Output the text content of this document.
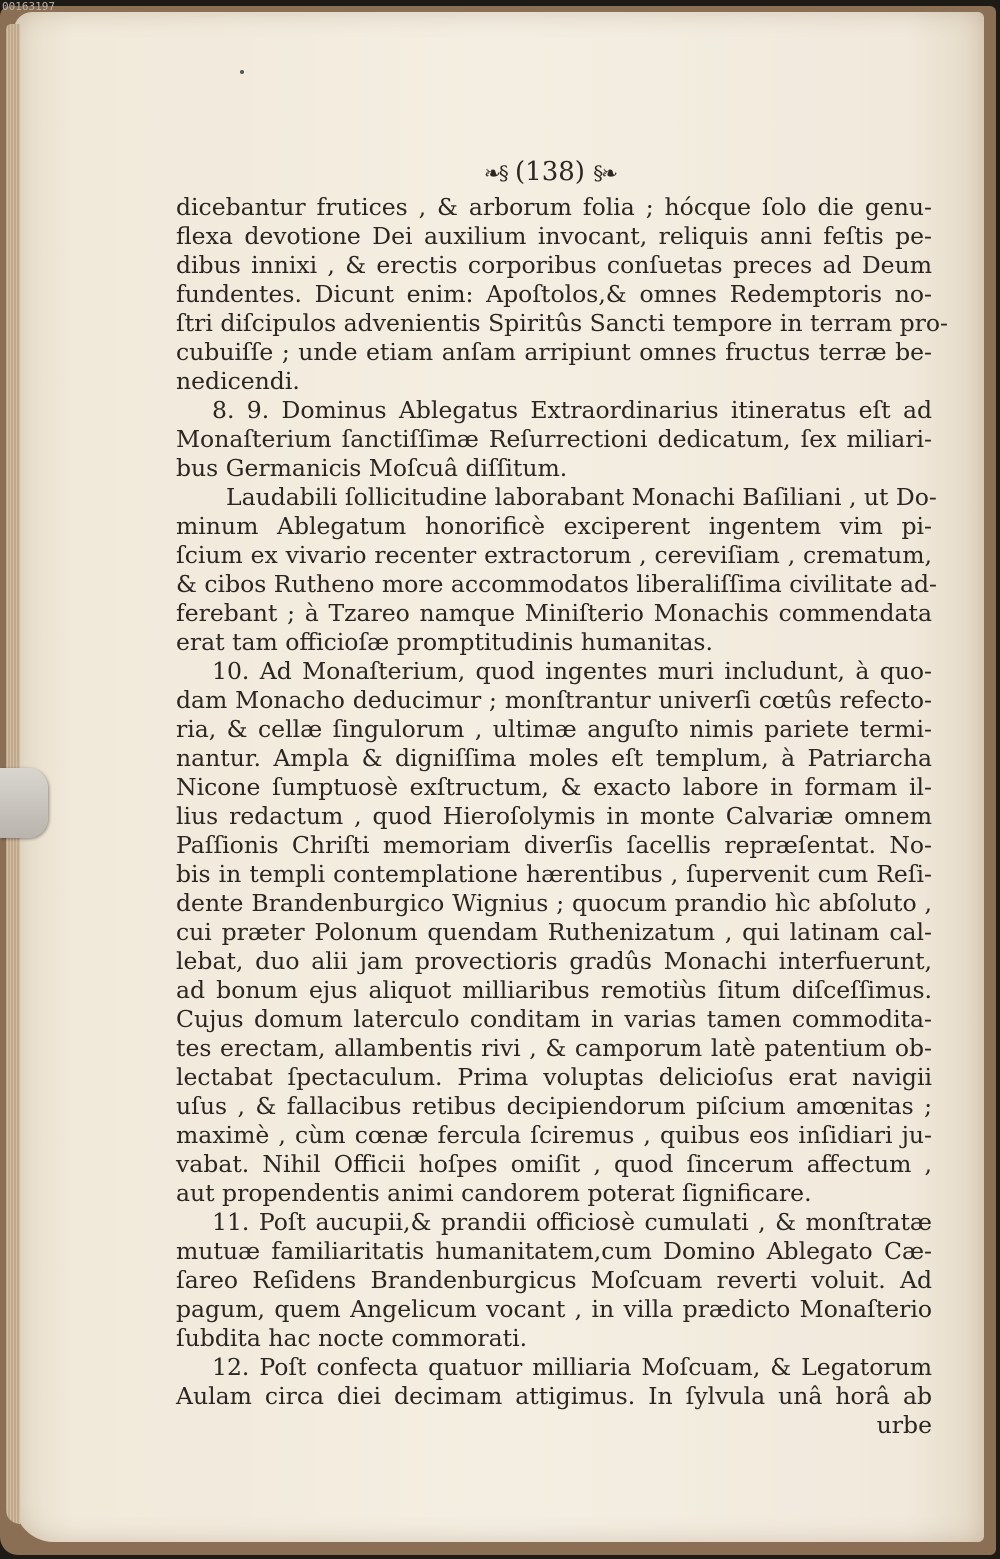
00163197
❧§ (138) §❧
dicebantur frutices , & arborum folia ; hócque ſolo die genu-
flexa devotione Dei auxilium invocant, reliquis anni feſtis pe-
dibus innixi , & erectis corporibus conſuetas preces ad Deum
fundentes. Dicunt enim: Apoſtolos,& omnes Redemptoris no-
ſtri diſcipulos advenientis Spiritûs Sancti tempore in terram pro-
cubuiſſe ; unde etiam anſam arripiunt omnes fructus terræ be-
nedicendi.
8. 9. Dominus Ablegatus Extraordinarius itineratus eſt ad
Monaſterium ſanctiſſimæ Reſurrectioni dedicatum, ſex miliari-
bus Germanicis Moſcuâ diſſitum.
Laudabili ſollicitudine laborabant Monachi Baſiliani , ut Do-
minum Ablegatum honorificè exciperent ingentem vim pi-
ſcium ex vivario recenter extractorum , cereviſiam , crematum,
& cibos Rutheno more accommodatos liberaliſſima civilitate ad-
ferebant ; à Tzareo namque Miniſterio Monachis commendata
erat tam officioſæ promptitudinis humanitas.
10. Ad Monaſterium, quod ingentes muri includunt, à quo-
dam Monacho deducimur ; monſtrantur univerſi cœtûs refecto-
ria, & cellæ ſingulorum , ultimæ anguſto nimis pariete termi-
nantur. Ampla & digniſſima moles eſt templum, à Patriarcha
Nicone ſumptuosè exſtructum, & exacto labore in formam il-
lius redactum , quod Hieroſolymis in monte Calvariæ omnem
Paſſionis Chriſti memoriam diverſis ſacellis repræſentat. No-
bis in templi contemplatione hærentibus , ſupervenit cum Reſi-
dente Brandenburgico Wignius ; quocum prandio hìc abſoluto ,
cui præter Polonum quendam Ruthenizatum , qui latinam cal-
lebat, duo alii jam provectioris gradûs Monachi interfuerunt,
ad bonum ejus aliquot milliaribus remotiùs ſitum diſceſſimus.
Cujus domum laterculo conditam in varias tamen commodita-
tes erectam, allambentis rivi , & camporum latè patentium ob-
lectabat ſpectaculum. Prima voluptas delicioſus erat navigii
uſus , & fallacibus retibus decipiendorum piſcium amœnitas ;
maximè , cùm cœnæ fercula ſciremus , quibus eos inſidiari ju-
vabat. Nihil Officii hoſpes omiſit , quod ſincerum affectum ,
aut propendentis animi candorem poterat ſignificare.
11. Poſt aucupii,& prandii officiosè cumulati , & monſtratæ
mutuæ familiaritatis humanitatem,cum Domino Ablegato Cæ-
ſareo Reſidens Brandenburgicus Moſcuam reverti voluit. Ad
pagum, quem Angelicum vocant , in villa prædicto Monaſterio
ſubdita hac nocte commorati.
12. Poſt confecta quatuor milliaria Moſcuam, & Legatorum
Aulam circa diei decimam attigimus. In ſylvula unâ horâ ab
urbe
